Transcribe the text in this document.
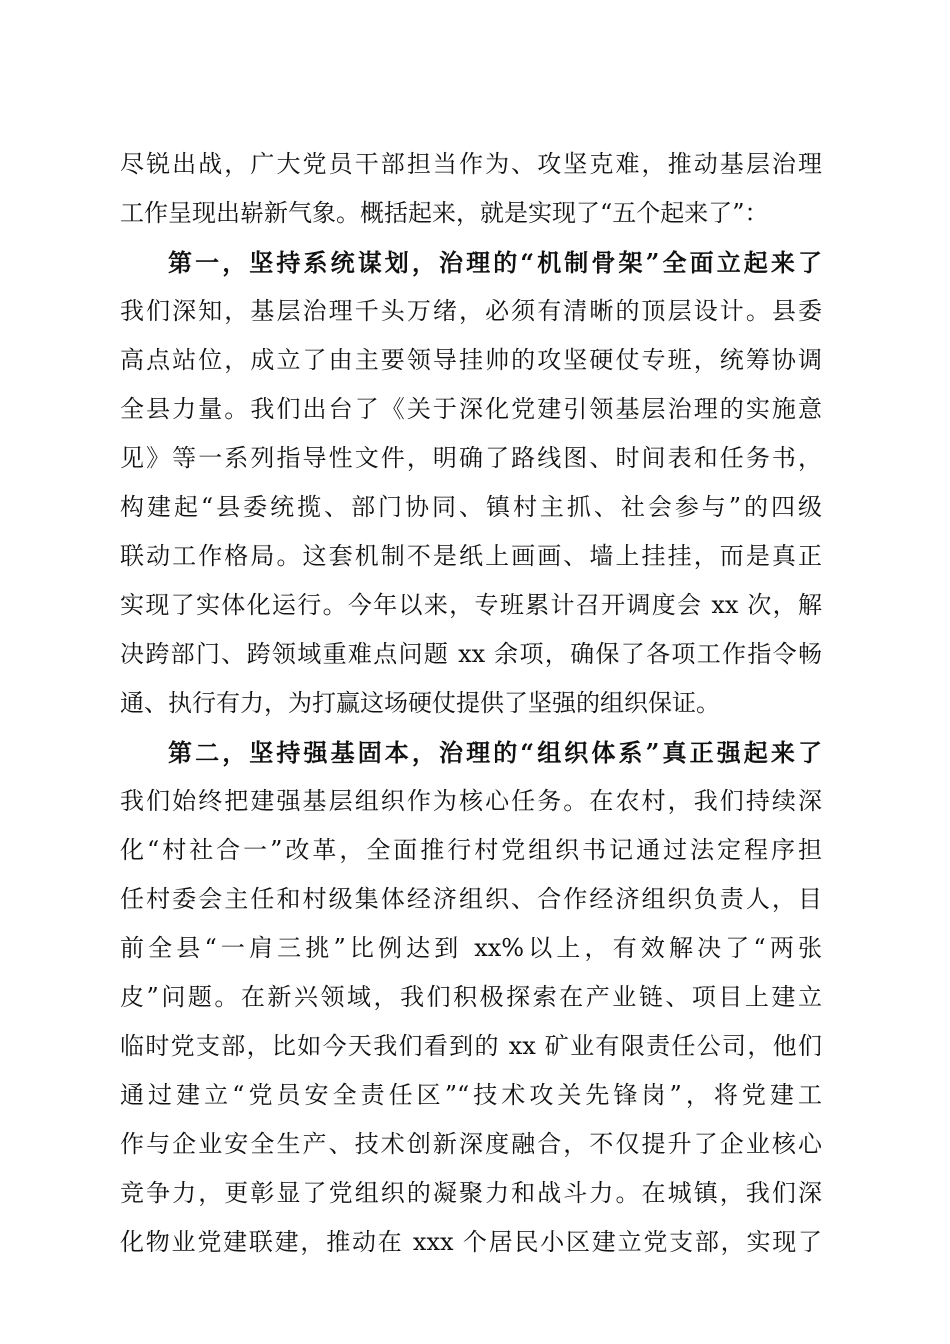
尽锐出战，广大党员干部担当作为、攻坚克难，推动基层治理
工作呈现出崭新气象。概括起来，就是实现了“五个起来了”：
第一，坚持系统谋划，治理的“机制骨架”全面立起来了
我们深知，基层治理千头万绪，必须有清晰的顶层设计。县委
高点站位，成立了由主要领导挂帅的攻坚硬仗专班，统筹协调
全县力量。我们出台了《关于深化党建引领基层治理的实施意
见》等一系列指导性文件，明确了路线图、时间表和任务书，
构建起“县委统揽、部门协同、镇村主抓、社会参与”的四级
联动工作格局。这套机制不是纸上画画、墙上挂挂，而是真正
实现了实体化运行。今年以来，专班累计召开调度会 xx 次，解
决跨部门、跨领域重难点问题 xx 余项，确保了各项工作指令畅
通、执行有力，为打赢这场硬仗提供了坚强的组织保证。
第二，坚持强基固本，治理的“组织体系”真正强起来了
我们始终把建强基层组织作为核心任务。在农村，我们持续深
化“村社合一”改革，全面推行村党组织书记通过法定程序担
任村委会主任和村级集体经济组织、合作经济组织负责人，目
前全县“一肩三挑”比例达到 xx%以上，有效解决了“两张
皮”问题。在新兴领域，我们积极探索在产业链、项目上建立
临时党支部，比如今天我们看到的 xx 矿业有限责任公司，他们
通过建立“党员安全责任区”“技术攻关先锋岗”，将党建工
作与企业安全生产、技术创新深度融合，不仅提升了企业核心
竞争力，更彰显了党组织的凝聚力和战斗力。在城镇，我们深
化物业党建联建，推动在 xxx 个居民小区建立党支部，实现了
